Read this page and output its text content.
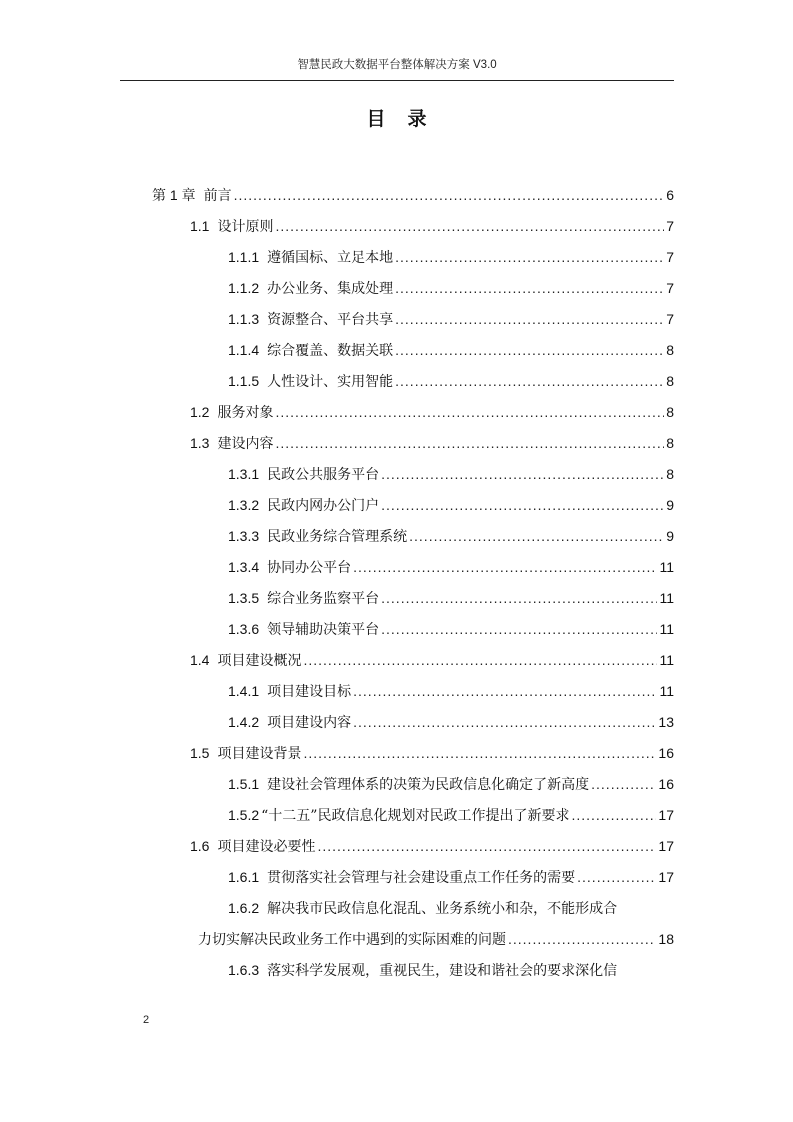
智慧民政大数据平台整体解决方案 V3.0
目录
第 1 章 前言 .....	6
1.1 设计原则 .....	7
1.1.1 遵循国标、立足本地 .....	7
1.1.2 办公业务、集成处理 .....	7
1.1.3 资源整合、平台共享 .....	7
1.1.4 综合覆盖、数据关联 .....	8
1.1.5 人性设计、实用智能 .....	8
1.2 服务对象 .....	8
1.3 建设内容 .....	8
1.3.1 民政公共服务平台 .....	8
1.3.2 民政内网办公门户 .....	9
1.3.3 民政业务综合管理系统 .....	9
1.3.4 协同办公平台 .....	11
1.3.5 综合业务监察平台 .....	11
1.3.6 领导辅助决策平台 .....	11
1.4 项目建设概况 .....	11
1.4.1 项目建设目标 .....	11
1.4.2 项目建设内容 .....	13
1.5 项目建设背景 .....	16
1.5.1 建设社会管理体系的决策为民政信息化确定了新高度 .....	16
1.5.2 “十二五”民政信息化规划对民政工作提出了新要求 .....	17
1.6 项目建设必要性 .....	17
1.6.1 贯彻落实社会管理与社会建设重点工作任务的需要 .....	17
1.6.2 解决我市民政信息化混乱、业务系统小和杂，不能形成合
力切实解决民政业务工作中遇到的实际困难的问题 .....	18
1.6.3 落实科学发展观，重视民生，建设和谐社会的要求深化信
2
